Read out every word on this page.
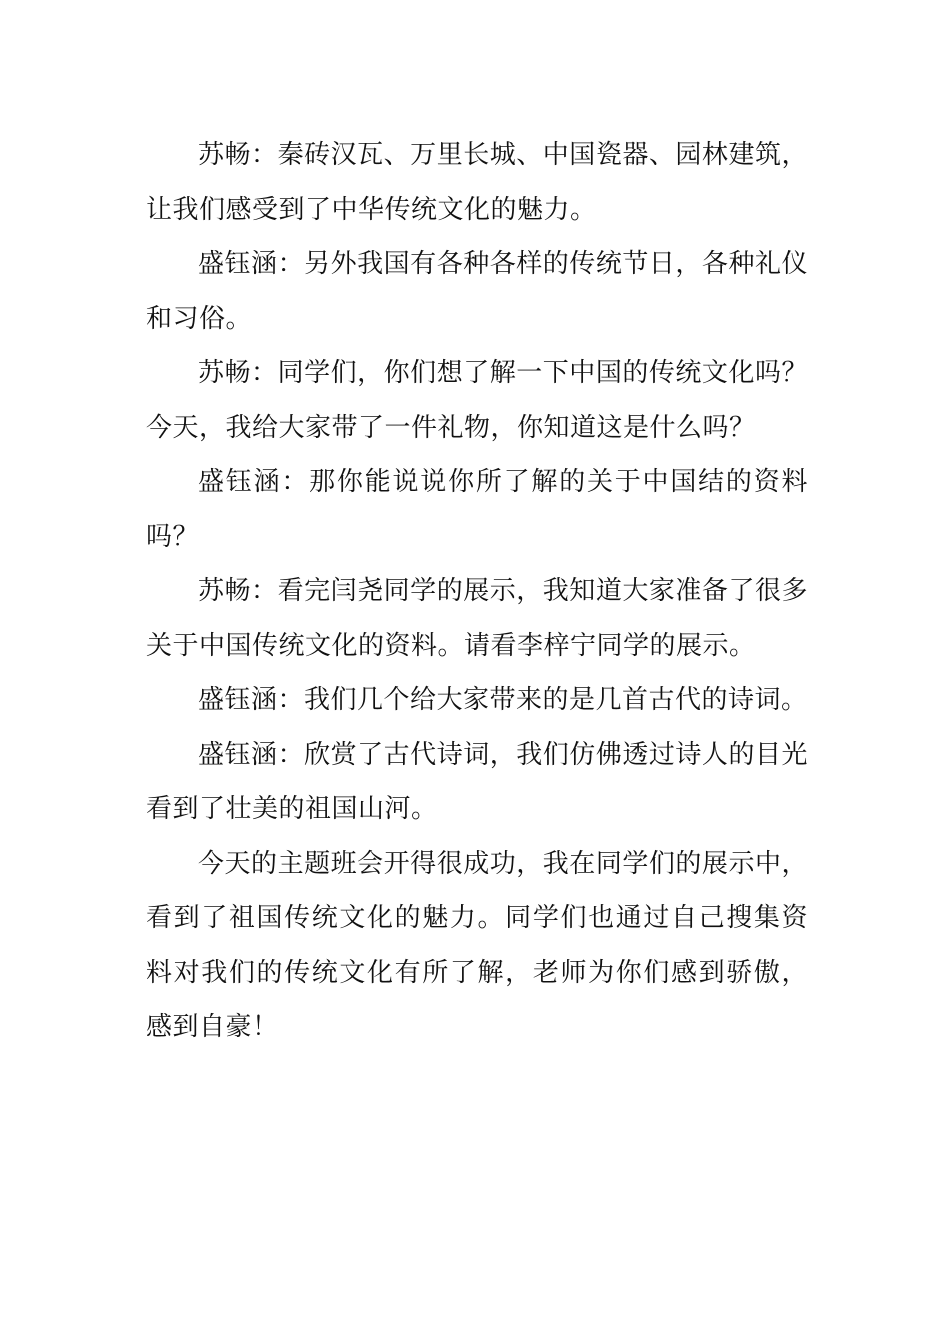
苏畅：秦砖汉瓦、万里长城、中国瓷器、园林建筑，让我们感受到了中华传统文化的魅力。

盛钰涵：另外我国有各种各样的传统节日，各种礼仪和习俗。

苏畅：同学们，你们想了解一下中国的传统文化吗？今天，我给大家带了一件礼物，你知道这是什么吗？

盛钰涵：那你能说说你所了解的关于中国结的资料吗？

苏畅：看完闫尧同学的展示，我知道大家准备了很多关于中国传统文化的资料。请看李梓宁同学的展示。

盛钰涵：我们几个给大家带来的是几首古代的诗词。

盛钰涵：欣赏了古代诗词，我们仿佛透过诗人的目光看到了壮美的祖国山河。

今天的主题班会开得很成功，我在同学们的展示中，看到了祖国传统文化的魅力。同学们也通过自己搜集资料对我们的传统文化有所了解，老师为你们感到骄傲，感到自豪！
